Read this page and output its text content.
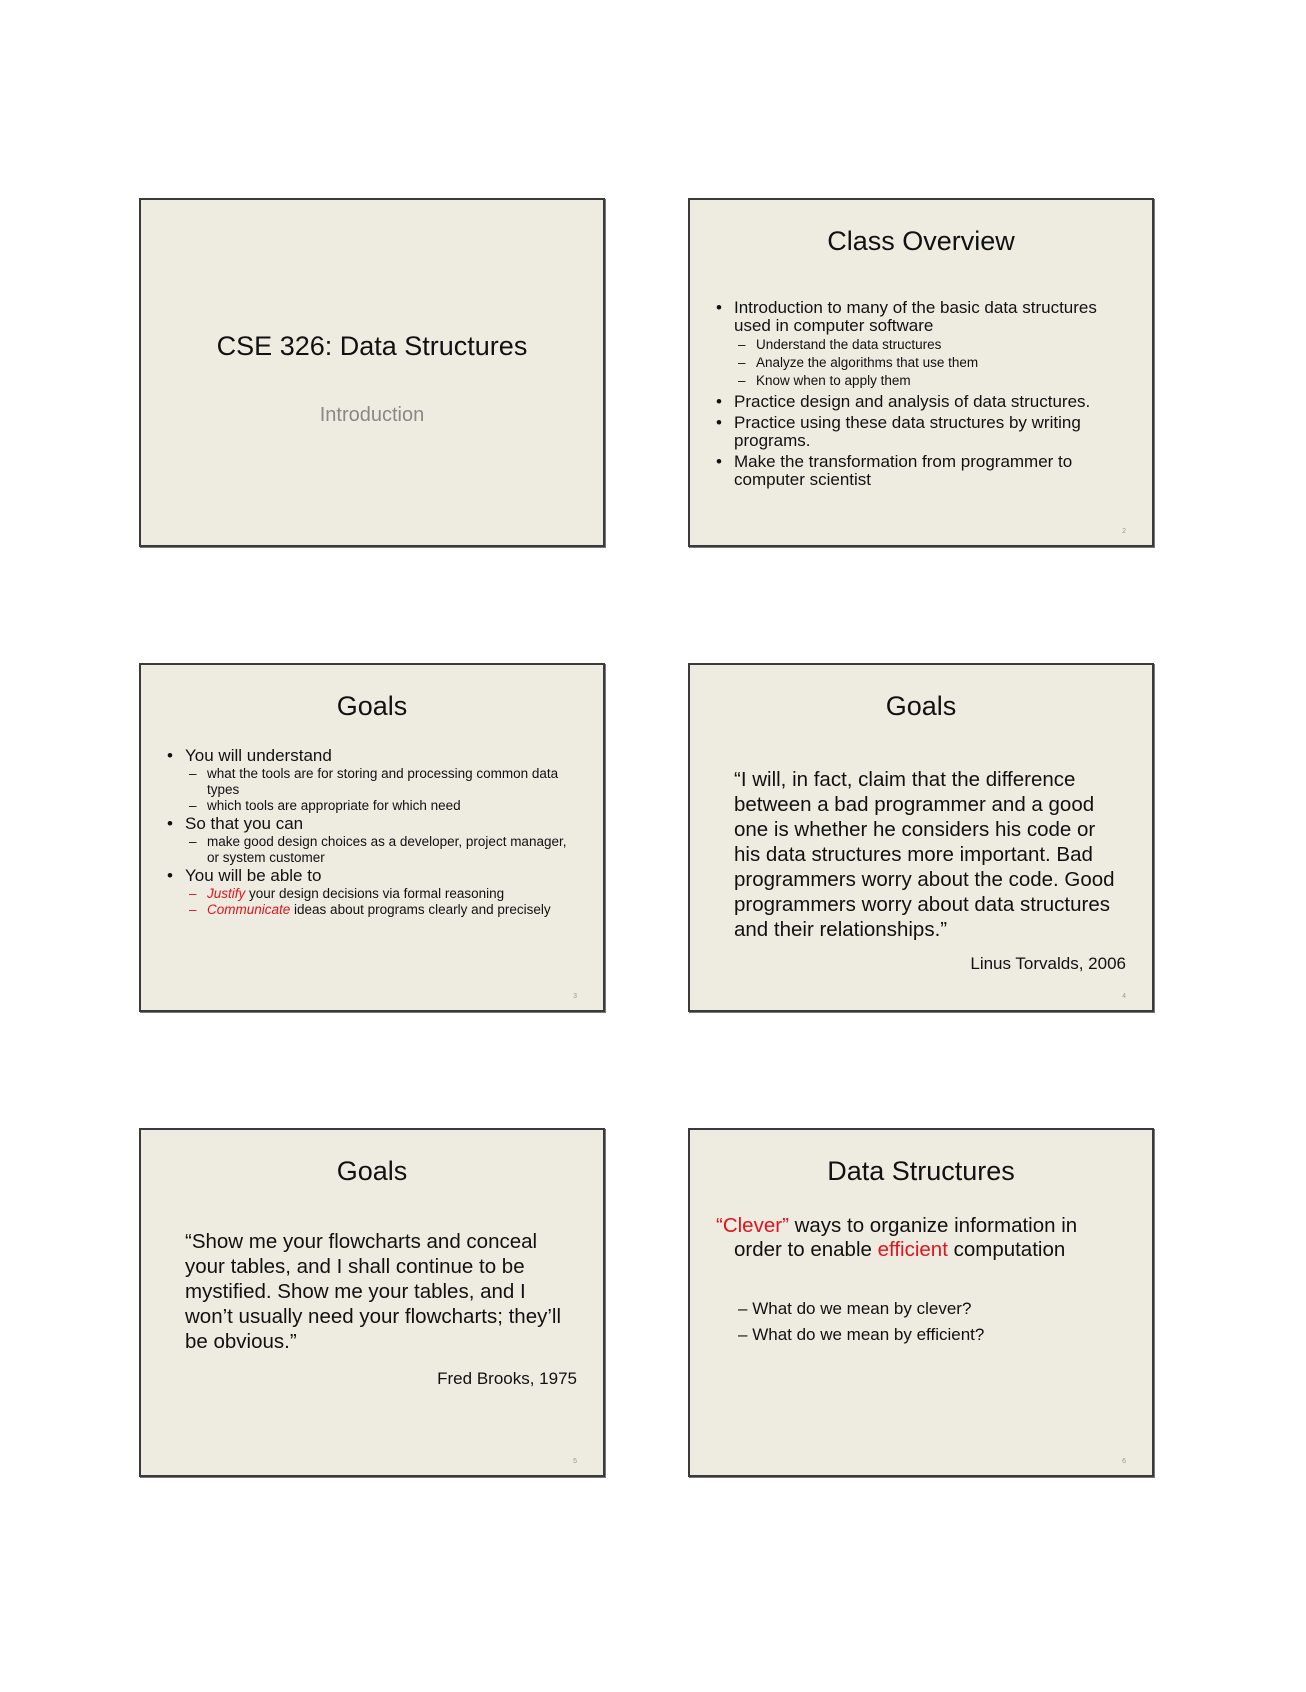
CSE 326: Data Structures
Introduction
Class Overview
• Introduction to many of the basic data structures used in computer software
– Understand the data structures
– Analyze the algorithms that use them
– Know when to apply them
• Practice design and analysis of data structures.
• Practice using these data structures by writing programs.
• Make the transformation from programmer to computer scientist
2
Goals
• You will understand
– what the tools are for storing and processing common data types
– which tools are appropriate for which need
• So that you can
– make good design choices as a developer, project manager, or system customer
• You will be able to
– Justify your design decisions via formal reasoning
– Communicate ideas about programs clearly and precisely
3
Goals
“I will, in fact, claim that the difference between a bad programmer and a good one is whether he considers his code or his data structures more important. Bad programmers worry about the code. Good programmers worry about data structures and their relationships.”
Linus Torvalds, 2006
4
Goals
“Show me your flowcharts and conceal your tables, and I shall continue to be mystified. Show me your tables, and I won’t usually need your flowcharts; they’ll be obvious.”
Fred Brooks, 1975
5
Data Structures
“Clever” ways to organize information in
order to enable efficient computation
– What do we mean by clever?
– What do we mean by efficient?
6
